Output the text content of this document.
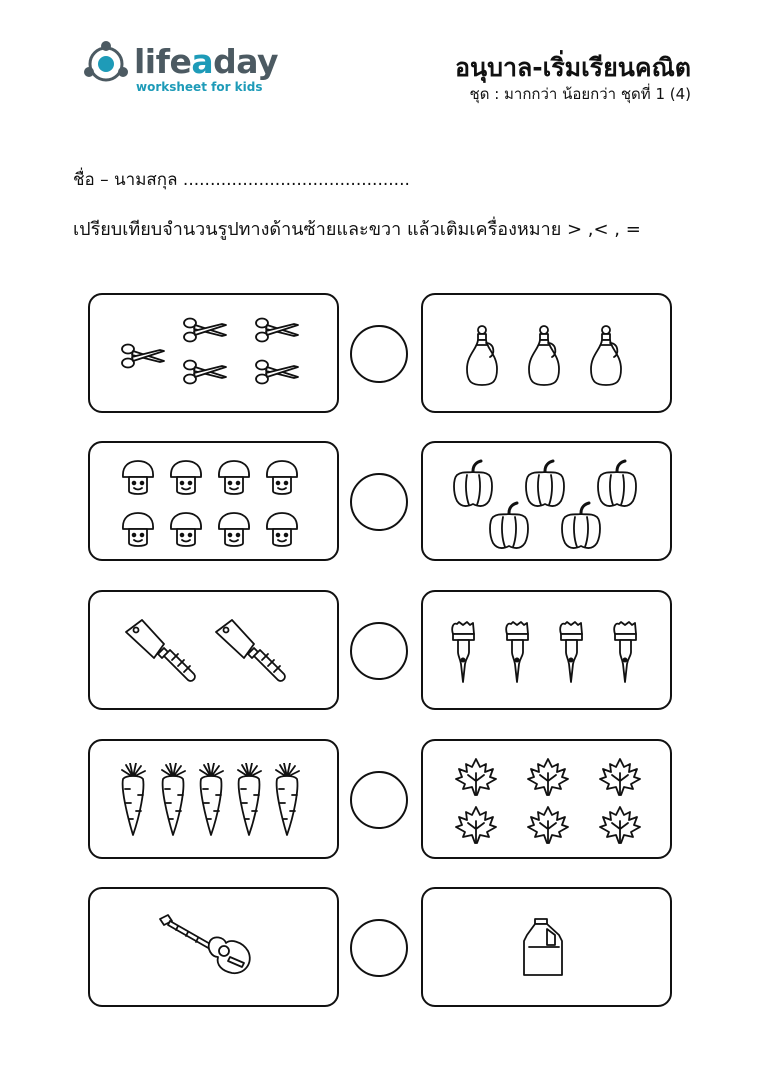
lifeaday
worksheet for kids
อนุบาล-เริ่มเรียนคณิต
ชุด : มากกว่า น้อยกว่า ชุดที่ 1 (4)
ชื่อ – นามสกุล ..........................................
เปรียบเทียบจำนวนรูปทางด้านซ้ายและขวา แล้วเติมเครื่องหมาย > ,< , =
